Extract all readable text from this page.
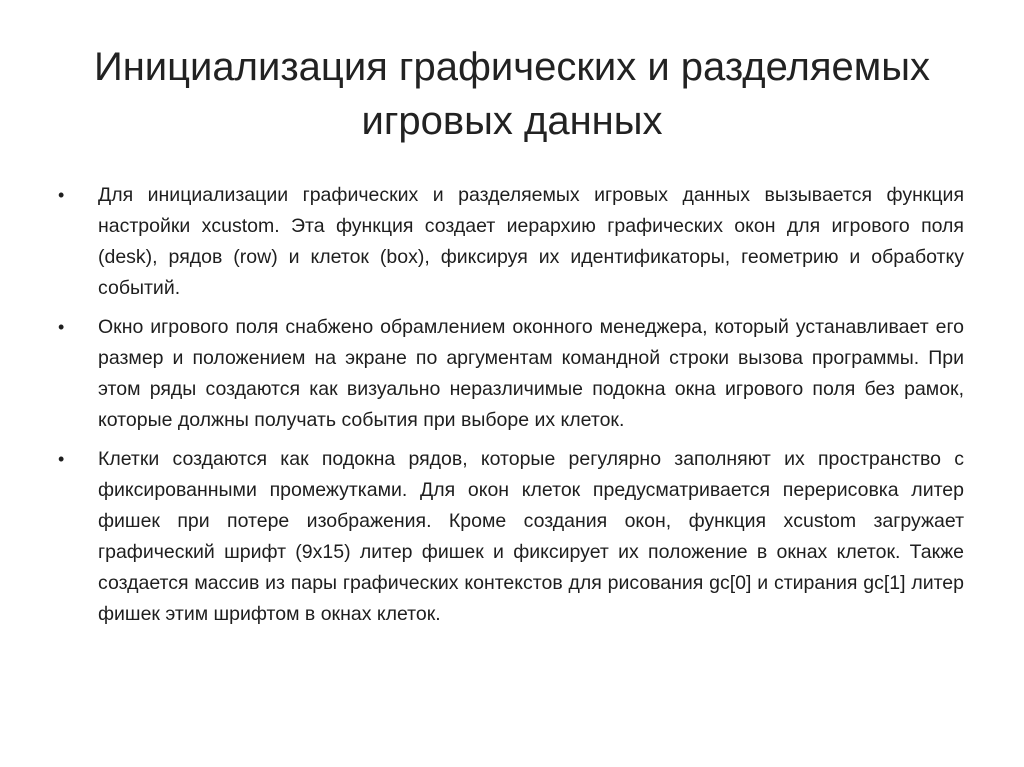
Инициализация графических и разделяемых
игровых данных
•	Для инициализации графических и разделяемых игровых данных вызывается функция настройки xcustom. Эта функция создает иерархию графических окон для игрового поля (desk), рядов (row) и клеток (box), фиксируя их идентификаторы, геометрию и обработку событий.
•	Окно игрового поля снабжено обрамлением оконного менеджера, который устанавливает его размер и положением на экране по аргументам командной строки вызова программы. При этом ряды создаются как визуально неразличимые подокна окна игрового поля без рамок, которые должны получать события при выборе их клеток.
•	Клетки создаются как подокна рядов, которые регулярно заполняют их пространство с фиксированными промежутками. Для окон клеток предусматривается перерисовка литер фишек при потере изображения. Кроме создания окон, функция xcustom загружает графический шрифт (9x15) литер фишек и фиксирует их положение в окнах клеток. Также создается массив из пары графических контекстов для рисования gc[0] и стирания gc[1] литер фишек этим шрифтом в окнах клеток.
